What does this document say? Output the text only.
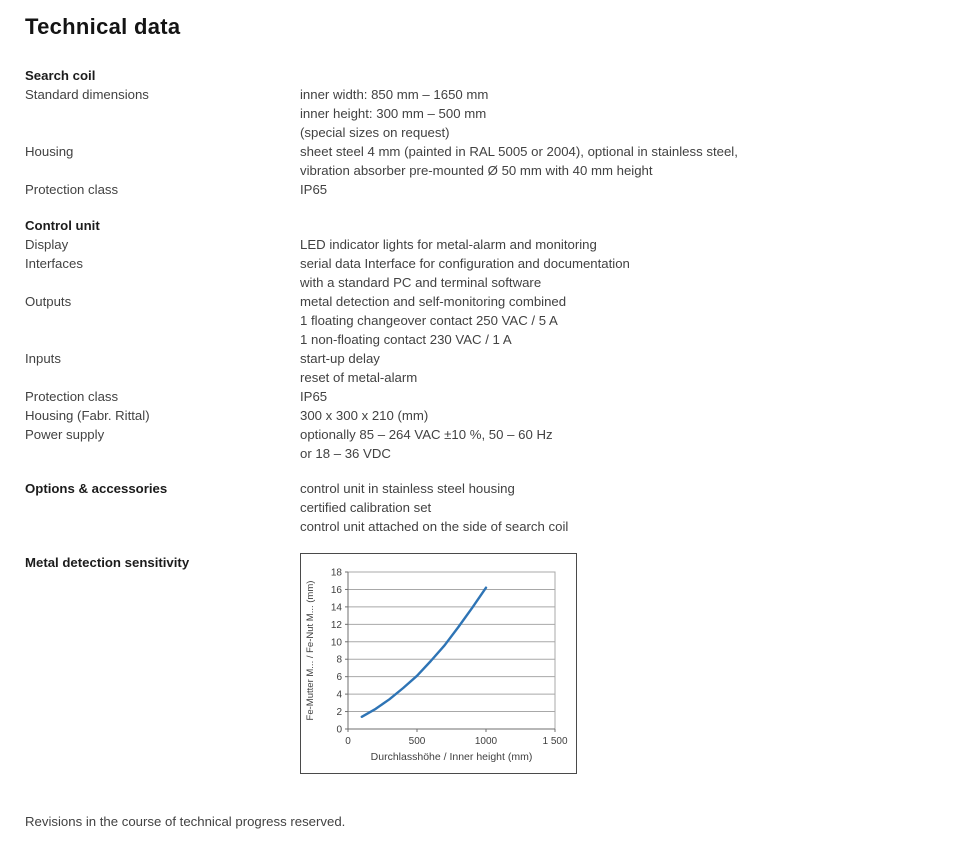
Technical data
Search coil
Standard dimensions	inner width: 850 mm – 1650 mm
inner height: 300 mm – 500 mm
(special sizes on request)
Housing	sheet steel 4 mm (painted in RAL 5005 or 2004), optional in stainless steel,
vibration absorber pre-mounted Ø 50 mm with 40 mm height
Protection class	IP65
Control unit
Display	LED indicator lights for metal-alarm and monitoring
Interfaces	serial data Interface for configuration and documentation
with a standard PC and terminal software
Outputs	metal detection and self-monitoring combined
1 floating changeover contact 250 VAC / 5 A
1 non-floating contact 230 VAC / 1 A
Inputs	start-up delay
reset of metal-alarm
Protection class	IP65
Housing (Fabr. Rittal)	300 x 300 x 210 (mm)
Power supply	optionally 85 – 264 VAC ±10 %, 50 – 60 Hz
or 18 – 36 VDC
Options & accessories	control unit in stainless steel housing
certified calibration set
control unit attached on the side of search coil
Metal detection sensitivity
0
2
4
6
8
10
12
14
16
18
0	500	1000	1 500
Durchlasshöhe / Inner height (mm)
Fe-Mutter M... / Fe-Nut M... (mm)
Revisions in the course of technical progress reserved.
